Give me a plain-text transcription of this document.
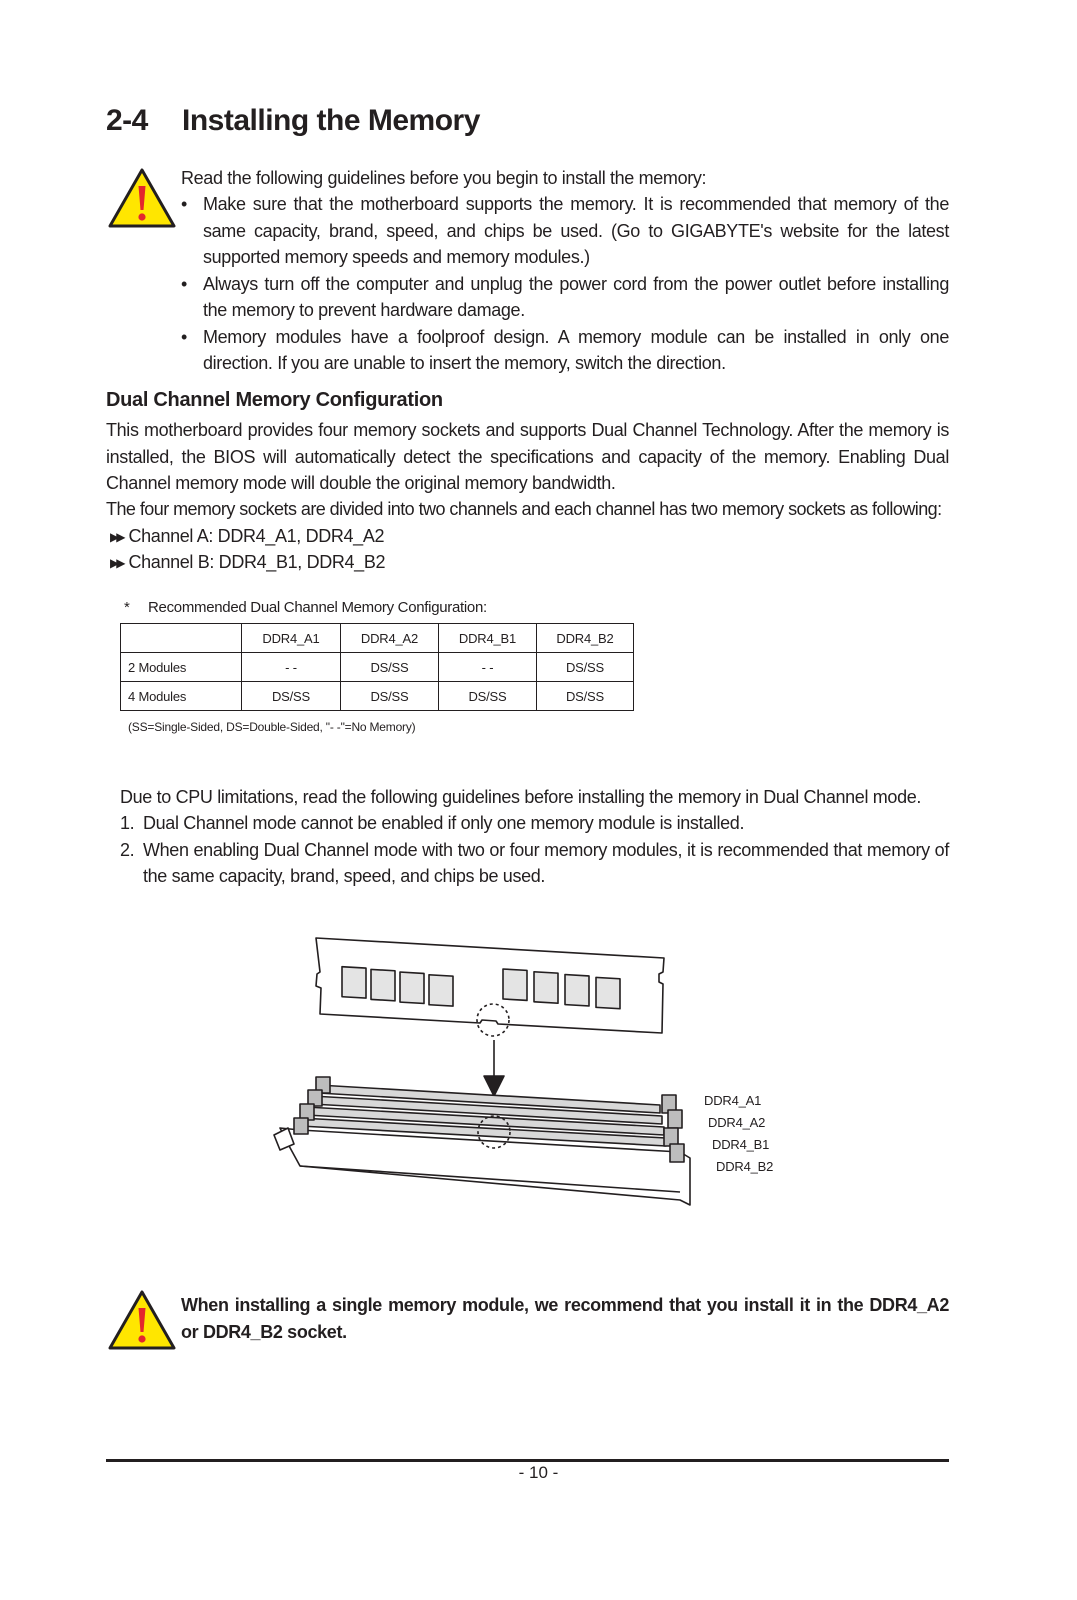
2-4 Installing the Memory
Read the following guidelines before you begin to install the memory:
• Make sure that the motherboard supports the memory. It is recommended that memory of the same capacity, brand, speed, and chips be used. (Go to GIGABYTE's website for the latest supported memory speeds and memory modules.)
• Always turn off the computer and unplug the power cord from the power outlet before installing the memory to prevent hardware damage.
• Memory modules have a foolproof design. A memory module can be installed in only one direction. If you are unable to insert the memory, switch the direction.
Dual Channel Memory Configuration
This motherboard provides four memory sockets and supports Dual Channel Technology. After the memory is installed, the BIOS will automatically detect the specifications and capacity of the memory. Enabling Dual Channel memory mode will double the original memory bandwidth.
The four memory sockets are divided into two channels and each channel has two memory sockets as following:
▶▶ Channel A: DDR4_A1, DDR4_A2
▶▶ Channel B: DDR4_B1, DDR4_B2
* Recommended Dual Channel Memory Configuration:
	DDR4_A1	DDR4_A2	DDR4_B1	DDR4_B2
2 Modules	- -	DS/SS	- -	DS/SS
4 Modules	DS/SS	DS/SS	DS/SS	DS/SS
(SS=Single-Sided, DS=Double-Sided, "- -"=No Memory)
Due to CPU limitations, read the following guidelines before installing the memory in Dual Channel mode.
1. Dual Channel mode cannot be enabled if only one memory module is installed.
2. When enabling Dual Channel mode with two or four memory modules, it is recommended that memory of the same capacity, brand, speed, and chips be used.
DDR4_A1
DDR4_A2
DDR4_B1
DDR4_B2
When installing a single memory module, we recommend that you install it in the DDR4_A2 or DDR4_B2 socket.
- 10 -
